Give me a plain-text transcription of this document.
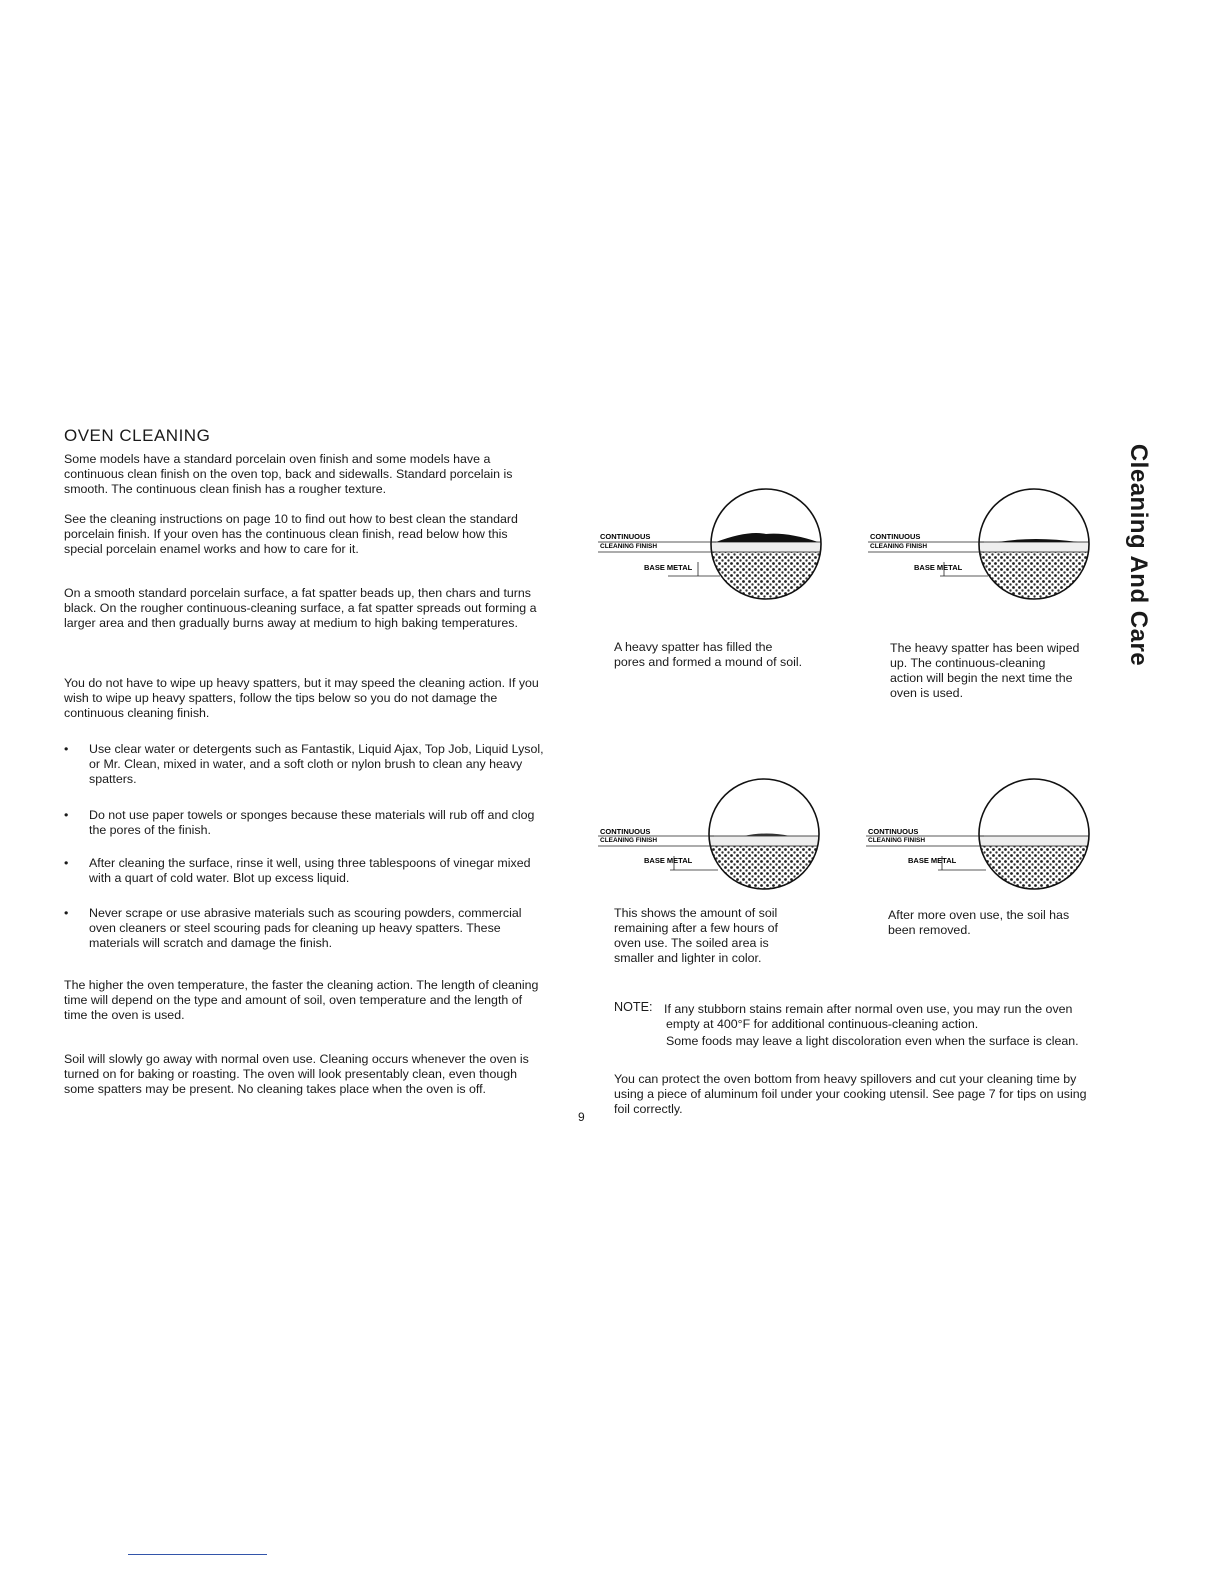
OVEN CLEANING

Some models have a standard porcelain oven finish and some models have a continuous clean finish on the oven top, back and sidewalls. Standard porcelain is smooth. The continuous clean finish has a rougher texture.

See the cleaning instructions on page 10 to find out how to best clean the standard porcelain finish. If your oven has the continuous clean finish, read below how this special porcelain enamel works and how to care for it.

On a smooth standard porcelain surface, a fat spatter beads up, then chars and turns black. On the rougher continuous-cleaning surface, a fat spatter spreads out forming a larger area and then gradually burns away at medium to high baking temperatures.

You do not have to wipe up heavy spatters, but it may speed the cleaning action. If you wish to wipe up heavy spatters, follow the tips below so you do not damage the continuous cleaning finish.

• Use clear water or detergents such as Fantastik, Liquid Ajax, Top Job, Liquid Lysol, or Mr. Clean, mixed in water, and a soft cloth or nylon brush to clean any heavy spatters.
• Do not use paper towels or sponges because these materials will rub off and clog the pores of the finish.
• After cleaning the surface, rinse it well, using three tablespoons of vinegar mixed with a quart of cold water. Blot up excess liquid.
• Never scrape or use abrasive materials such as scouring powders, commercial oven cleaners or steel scouring pads for cleaning up heavy spatters. These materials will scratch and damage the finish.

The higher the oven temperature, the faster the cleaning action. The length of cleaning time will depend on the type and amount of soil, oven temperature and the length of time the oven is used.

Soil will slowly go away with normal oven use. Cleaning occurs whenever the oven is turned on for baking or roasting. The oven will look presentably clean, even though some spatters may be present. No cleaning takes place when the oven is off.

9
CONTINUOUS
CLEANING FINISH
BASE METAL

A heavy spatter has filled the pores and formed a mound of soil.

CONTINUOUS
CLEANING FINISH
BASE METAL

The heavy spatter has been wiped up. The continuous-cleaning action will begin the next time the oven is used.

CONTINUOUS
CLEANING FINISH
BASE METAL

This shows the amount of soil remaining after a few hours of oven use. The soiled area is smaller and lighter in color.

CONTINUOUS
CLEANING FINISH
BASE METAL

After more oven use, the soil has been removed.

NOTE: If any stubborn stains remain after normal oven use, you may run the oven empty at 400°F for additional continuous-cleaning action.

Some foods may leave a light discoloration even when the surface is clean.

You can protect the oven bottom from heavy spillovers and cut your cleaning time by using a piece of aluminum foil under your cooking utensil. See page 7 for tips on using foil correctly.

Cleaning And Care
